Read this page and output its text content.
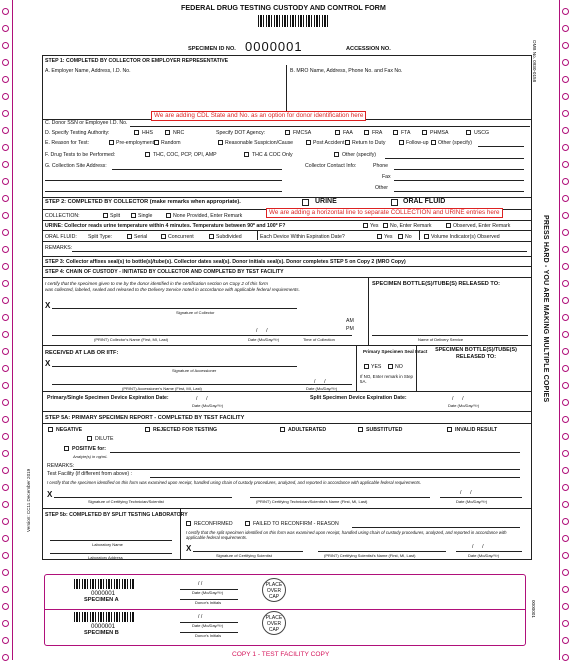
FEDERAL DRUG TESTING CUSTODY AND CONTROL FORM
SPECIMEN ID NO. 0000001	ACCESSION NO.
STEP 1: COMPLETED BY COLLECTOR OR EMPLOYER REPRESENTATIVE
A. Employer Name, Address, I.D. No.	B. MRO Name, Address, Phone No. and Fax No.
C. Donor SSN or Employee I.D. No.
We are adding CDL State and No. as an option for donor identification here
D. Specify Testing Authority:	HHS	NRC	Specify DOT Agency:	FMCSA	FAA	FRA	FTA	PHMSA	USCG
E. Reason for Test:	Pre-employment Random	Reasonable Suspicion/Cause	Post Accident Return to Duty	Follow-up Other (specify)
F. Drug Tests to be Performed:	THC, COC, PCP, OPI, AMP	THC & COC Only	Other (specify)
G. Collection Site Address:	Collector Contact Info:	Phone
Fax
Other
STEP 2: COMPLETED BY COLLECTOR (make remarks when appropriate).	URINE	ORAL FLUID
COLLECTION:	Split	Single	None Provided, Enter Remark	We are adding a horizontal line to separate COLLECTION and URINE entries here
URINE: Collector reads urine temperature within 4 minutes. Temperature between 90º and 100º F?	Yes No, Enter Remark	Observed, Enter Remark
ORAL FLUID: Split Type:	Serial	Concurrent	Subdivided	Each Device Within Expiration Date?	Yes No	Volume Indicator(s) Observed
REMARKS:
STEP 3: Collector affixes seal(s) to bottle(s)/tube(s). Collector dates seal(s). Donor initials seal(s). Donor completes STEP 5 on Copy 2 (MRO Copy)
STEP 4: CHAIN OF CUSTODY - INITIATED BY COLLECTOR AND COMPLETED BY TEST FACILITY
I certify that the specimen given to me by the donor identified in the certification section on Copy 2 of this form
was collected, labeled, sealed and released to the Delivery Service noted in accordance with applicable federal requirements.
SPECIMEN BOTTLE(S)/TUBE(S) RELEASED TO:
X
Signature of Collector
AM
PM
/      /
(PRINT) Collector's Name (First, MI, Last)	Date (Mo/Day/Yr)	Time of Collection	Name of Delivery Service
RECEIVED AT LAB OR IITF:
X
Signature of Accessioner
/      /
(PRINT) Accessioner's Name (First, MI, Last)	Date (Mo/Day/Yr)
Primary Specimen Seal Intact
YES	NO
If NO, Enter remark in Step 5A.
SPECIMEN BOTTLE(S)/TUBE(S) RELEASED TO:
Primary/Single Specimen Device Expiration Date:	/      /
Date (Mo/Day/Yr)
Split Specimen Device Expiration Date:	/      /
Date (Mo/Day/Yr)
STEP 5A: PRIMARY SPECIMEN REPORT - COMPLETED BY TEST FACILITY
NEGATIVE
DILUTE
POSITIVE for:
Analyte(s) in ng/mL
REJECTED FOR TESTING	ADULTERATED	SUBSTITUTED	INVALID RESULT
REMARKS:
Test Facility (if different from above) :
I certify that the specimen identified on this form was examined upon receipt, handled using chain of custody procedures, analyzed, and reported in accordance with applicable federal requirements.
X
Signature of Certifying Technician/Scientist	(PRINT) Certifying Technician/Scientist's Name (First, MI, Last)
/      /
Date (Mo/Day/Yr)
STEP 5b: COMPLETED BY SPLIT TESTING LABORATORY
RECONFIRMED	FAILED TO RECONFIRM - REASON
I certify that the split specimen identified on this form was examined upon receipt, handled using chain of custody procedures, analyzed, and reported in accordance with applicable federal requirements.
Laboratory Name
Laboratory Address
X
Signature of Certifying Scientist	(PRINT) Certifying Scientist's Name (First, MI, Last)
/      /
Date (Mo/Day/Yr)
0000001
SPECIMEN A
/ /
Date (Mo/Day/Yr)
Donor's Initials
PLACE OVER CAP
0000001
SPECIMEN B
/ /
Date (Mo/Day/Yr)
Donor's Initials
PLACE OVER CAP
COPY 1 - TEST FACILITY COPY
OMB No. 0930-0158
PRESS HARD - YOU ARE MAKING MULTIPLE COPIES
Version: CC11 December 2019
0000001
